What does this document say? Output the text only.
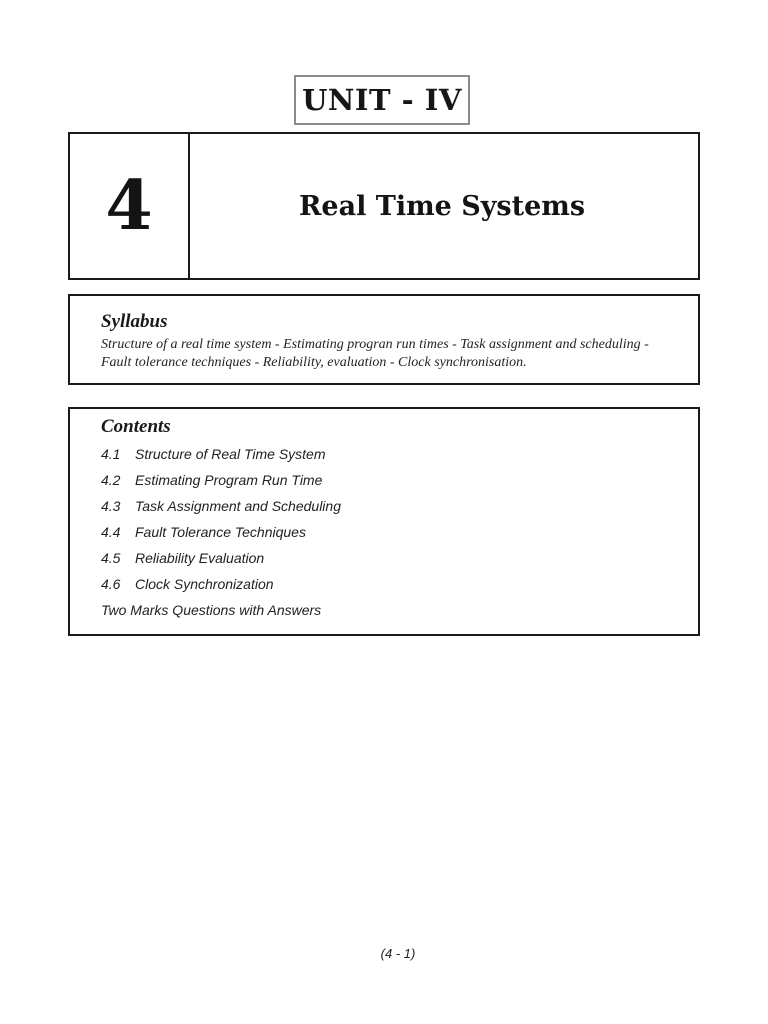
UNIT - IV
4	Real Time Systems
Syllabus
Structure of a real time system - Estimating progran run times - Task assignment and scheduling -
Fault tolerance techniques - Reliability, evaluation - Clock synchronisation.
Contents
4.1	Structure of Real Time System
4.2	Estimating Program Run Time
4.3	Task Assignment and Scheduling
4.4	Fault Tolerance Techniques
4.5	Reliability Evaluation
4.6	Clock Synchronization
Two Marks Questions with Answers
(4 - 1)
